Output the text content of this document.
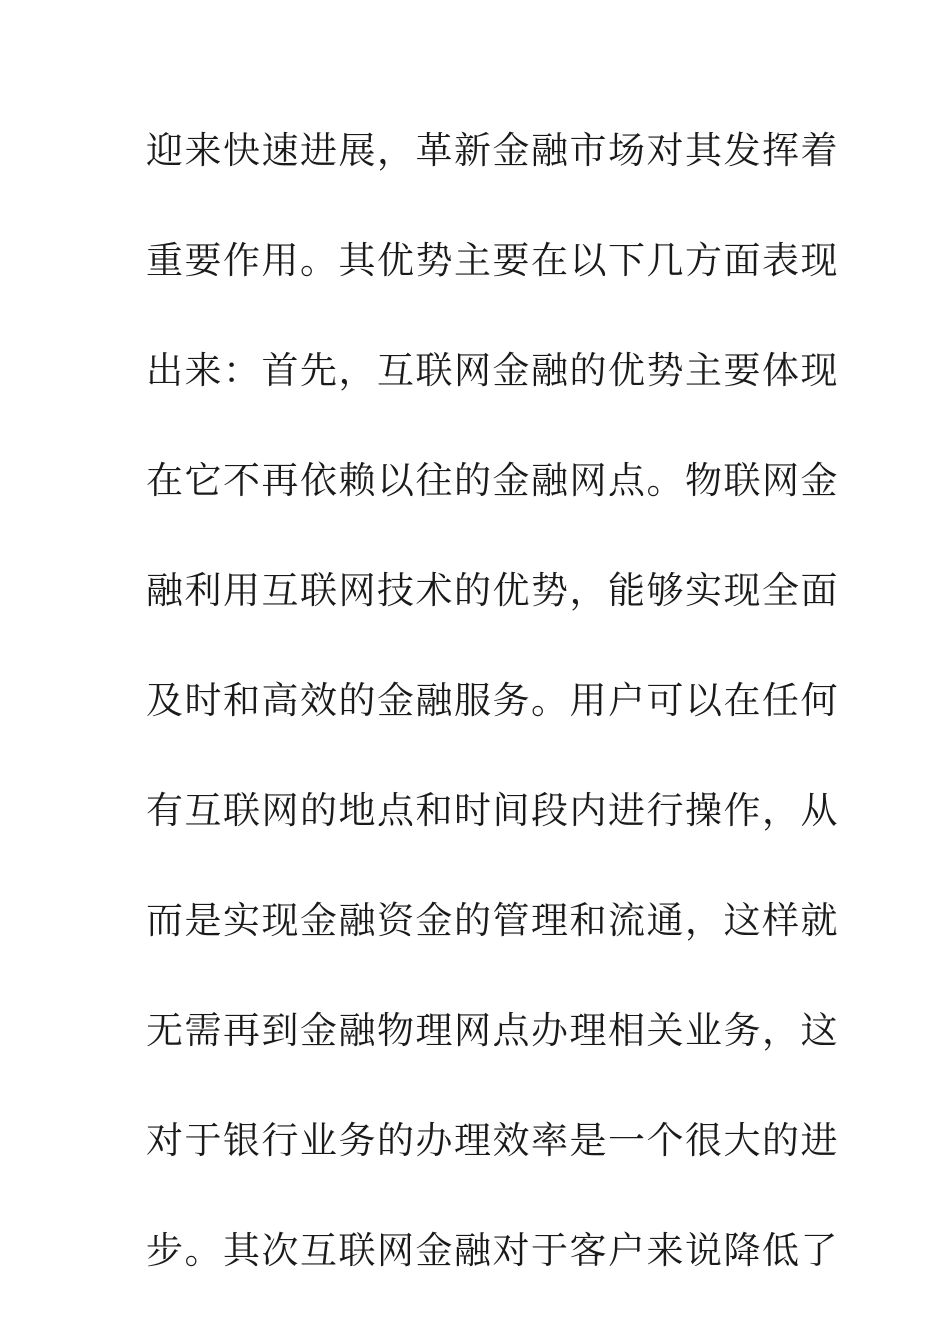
迎来快速进展，革新金融市场对其发挥着
重要作用。其优势主要在以下几方面表现
出来：首先，互联网金融的优势主要体现
在它不再依赖以往的金融网点。物联网金
融利用互联网技术的优势，能够实现全面
及时和高效的金融服务。用户可以在任何
有互联网的地点和时间段内进行操作，从
而是实现金融资金的管理和流通，这样就
无需再到金融物理网点办理相关业务，这
对于银行业务的办理效率是一个很大的进
步。其次互联网金融对于客户来说降低了
